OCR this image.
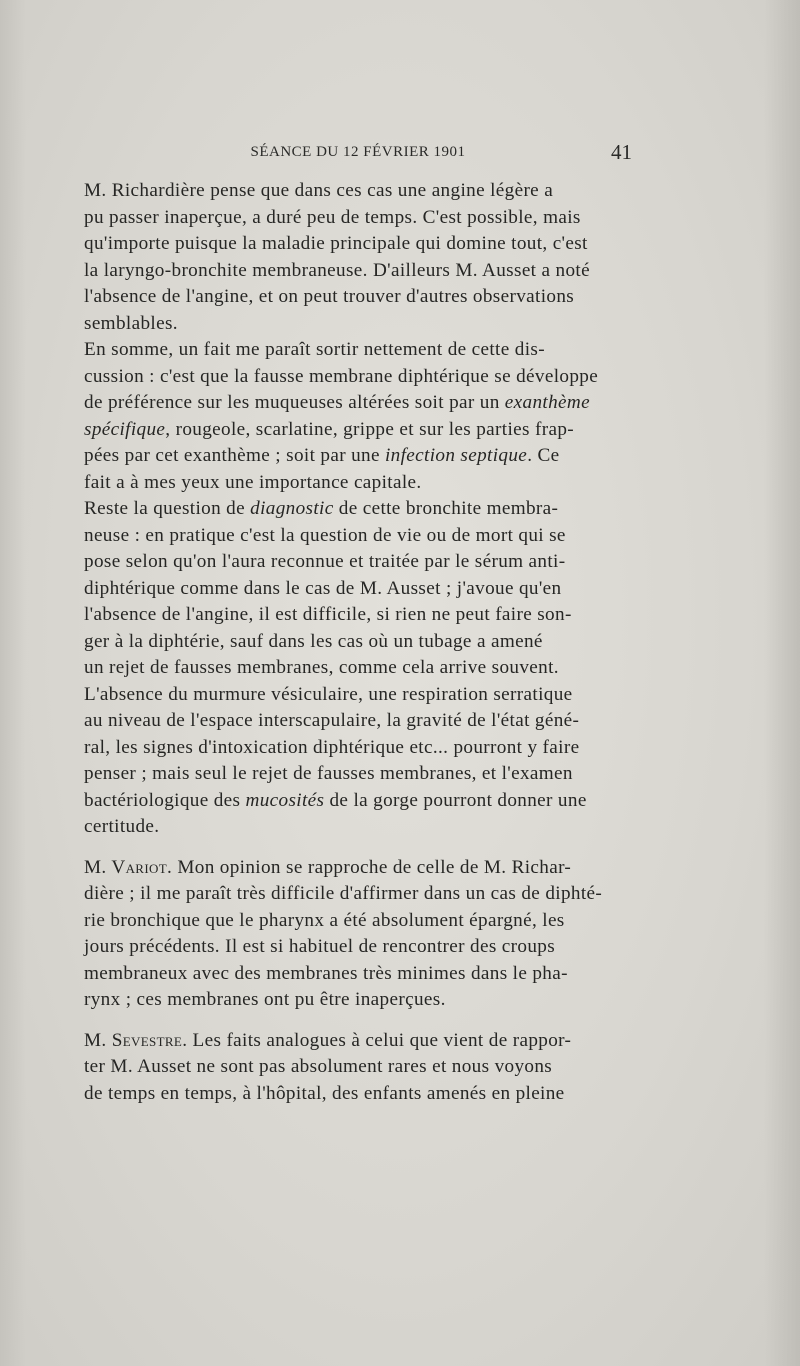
SÉANCE DU 12 FÉVRIER 1901	41

M. Richardière pense que dans ces cas une angine légère a
pu passer inaperçue, a duré peu de temps. C'est possible, mais
qu'importe puisque la maladie principale qui domine tout, c'est
la laryngo-bronchite membraneuse. D'ailleurs M. Ausset a noté
l'absence de l'angine, et on peut trouver d'autres observations
semblables.

En somme, un fait me paraît sortir nettement de cette dis-
cussion : c'est que la fausse membrane diphtérique se développe
de préférence sur les muqueuses altérées soit par un exanthème
spécifique, rougeole, scarlatine, grippe et sur les parties frap-
pées par cet exanthème ; soit par une infection septique. Ce
fait a à mes yeux une importance capitale.

Reste la question de diagnostic de cette bronchite membra-
neuse : en pratique c'est la question de vie ou de mort qui se
pose selon qu'on l'aura reconnue et traitée par le sérum anti-
diphtérique comme dans le cas de M. Ausset ; j'avoue qu'en
l'absence de l'angine, il est difficile, si rien ne peut faire son-
ger à la diphtérie, sauf dans les cas où un tubage a amené
un rejet de fausses membranes, comme cela arrive souvent.
L'absence du murmure vésiculaire, une respiration serratique
au niveau de l'espace interscapulaire, la gravité de l'état géné-
ral, les signes d'intoxication diphtérique etc... pourront y faire
penser ; mais seul le rejet de fausses membranes, et l'examen
bactériologique des mucosités de la gorge pourront donner une
certitude.

M. Variot. Mon opinion se rapproche de celle de M. Richar-
dière ; il me paraît très difficile d'affirmer dans un cas de diphté-
rie bronchique que le pharynx a été absolument épargné, les
jours précédents. Il est si habituel de rencontrer des croups
membraneux avec des membranes très minimes dans le pha-
rynx ; ces membranes ont pu être inaperçues.

M. Sevestre. Les faits analogues à celui que vient de rappor-
ter M. Ausset ne sont pas absolument rares et nous voyons
de temps en temps, à l'hôpital, des enfants amenés en pleine
